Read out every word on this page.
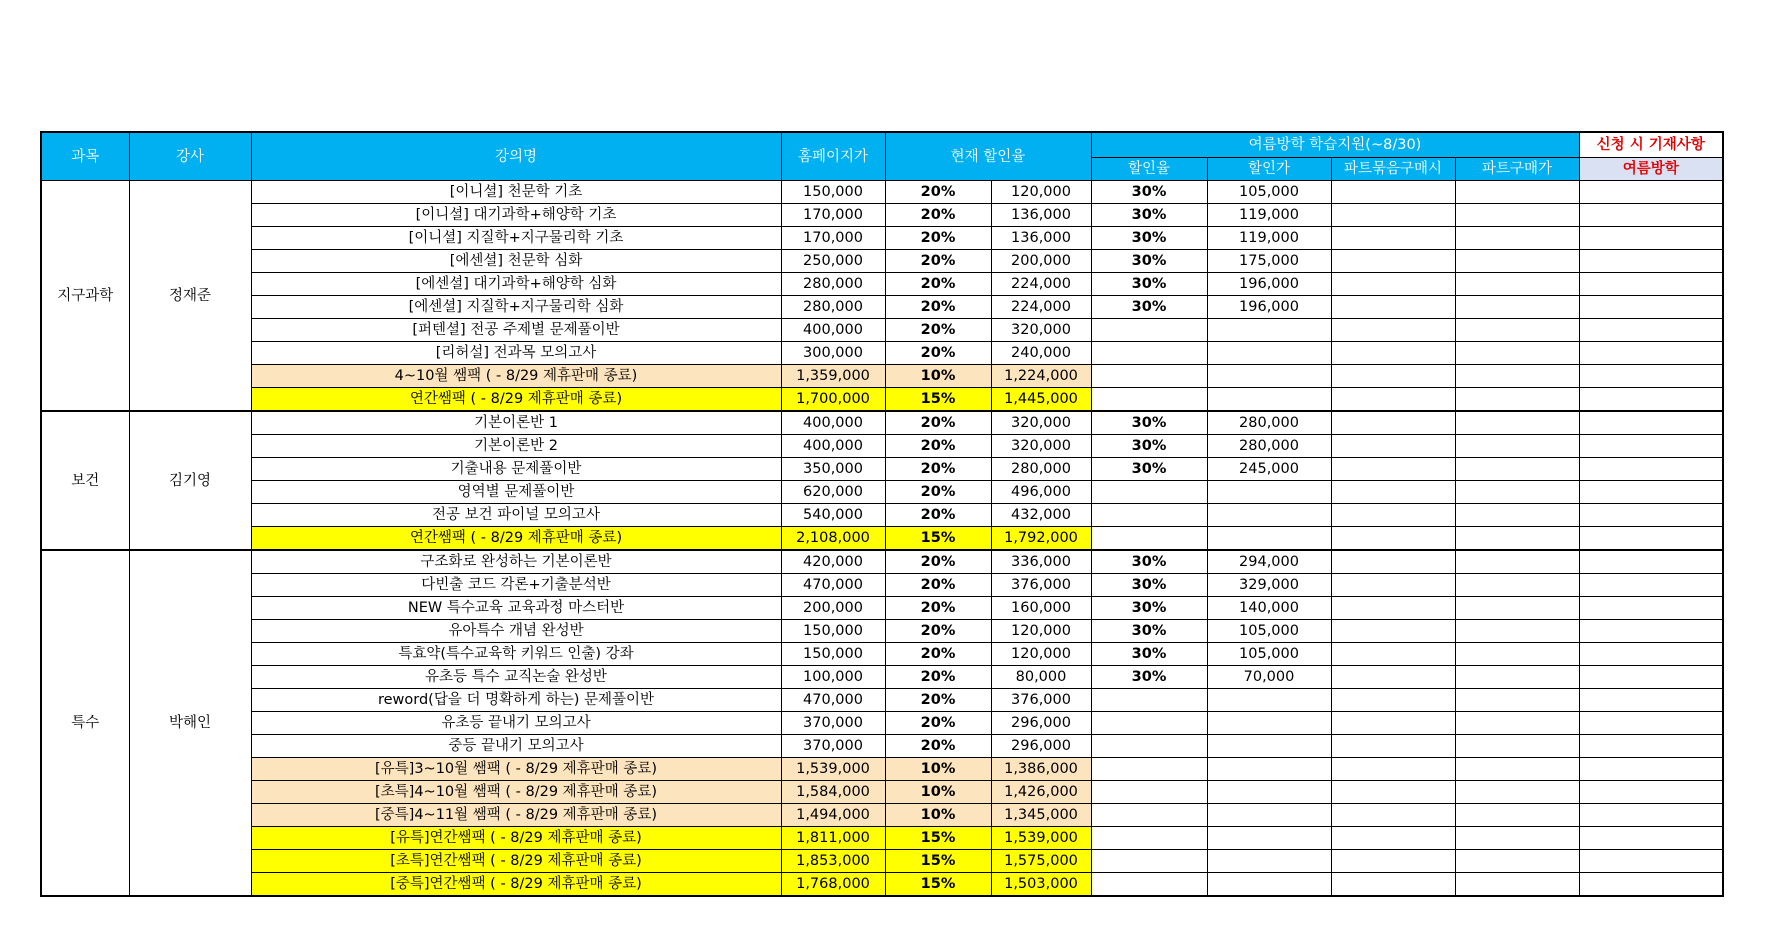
과목	강사	강의명	홈페이지가	현재 할인율		여름방학 학습지원(~8/30)				신청 시 기재사항
						할인율	할인가	파트묶음구매시	파트구매가	여름방학
지구과학	정재준	[이니셜] 천문학 기초	150,000	20%	120,000	30%	105,000			
		[이니셜] 대기과학+해양학 기초	170,000	20%	136,000	30%	119,000			
		[이니셜] 지질학+지구물리학 기초	170,000	20%	136,000	30%	119,000			
		[에센셜] 천문학 심화	250,000	20%	200,000	30%	175,000			
		[에센셜] 대기과학+해양학 심화	280,000	20%	224,000	30%	196,000			
		[에센셜] 지질학+지구물리학 심화	280,000	20%	224,000	30%	196,000			
		[퍼텐셜] 전공 주제별 문제풀이반	400,000	20%	320,000					
		[리허설] 전과목 모의고사	300,000	20%	240,000					
		4~10월 쌤팩 ( - 8/29 제휴판매 종료)	1,359,000	10%	1,224,000					
		연간쌤팩 ( - 8/29 제휴판매 종료)	1,700,000	15%	1,445,000					
보건	김기영	기본이론반 1	400,000	20%	320,000	30%	280,000			
		기본이론반 2	400,000	20%	320,000	30%	280,000			
		기출내용 문제풀이반	350,000	20%	280,000	30%	245,000			
		영역별 문제풀이반	620,000	20%	496,000					
		전공 보건 파이널 모의고사	540,000	20%	432,000					
		연간쌤팩 ( - 8/29 제휴판매 종료)	2,108,000	15%	1,792,000					
특수	박해인	구조화로 완성하는 기본이론반	420,000	20%	336,000	30%	294,000			
		다빈출 코드 각론+기출분석반	470,000	20%	376,000	30%	329,000			
		NEW 특수교육 교육과정 마스터반	200,000	20%	160,000	30%	140,000			
		유아특수 개념 완성반	150,000	20%	120,000	30%	105,000			
		특효약(특수교육학 키워드 인출) 강좌	150,000	20%	120,000	30%	105,000			
		유초등 특수 교직논술 완성반	100,000	20%	80,000	30%	70,000			
		reword(답을 더 명확하게 하는) 문제풀이반	470,000	20%	376,000					
		유초등 끝내기 모의고사	370,000	20%	296,000					
		중등 끝내기 모의고사	370,000	20%	296,000					
		[유특]3~10월 쌤팩 ( - 8/29 제휴판매 종료)	1,539,000	10%	1,386,000					
		[초특]4~10월 쌤팩 ( - 8/29 제휴판매 종료)	1,584,000	10%	1,426,000					
		[중특]4~11월 쌤팩 ( - 8/29 제휴판매 종료)	1,494,000	10%	1,345,000					
		[유특]연간쌤팩 ( - 8/29 제휴판매 종료)	1,811,000	15%	1,539,000					
		[초특]연간쌤팩 ( - 8/29 제휴판매 종료)	1,853,000	15%	1,575,000					
		[중특]연간쌤팩 ( - 8/29 제휴판매 종료)	1,768,000	15%	1,503,000					
